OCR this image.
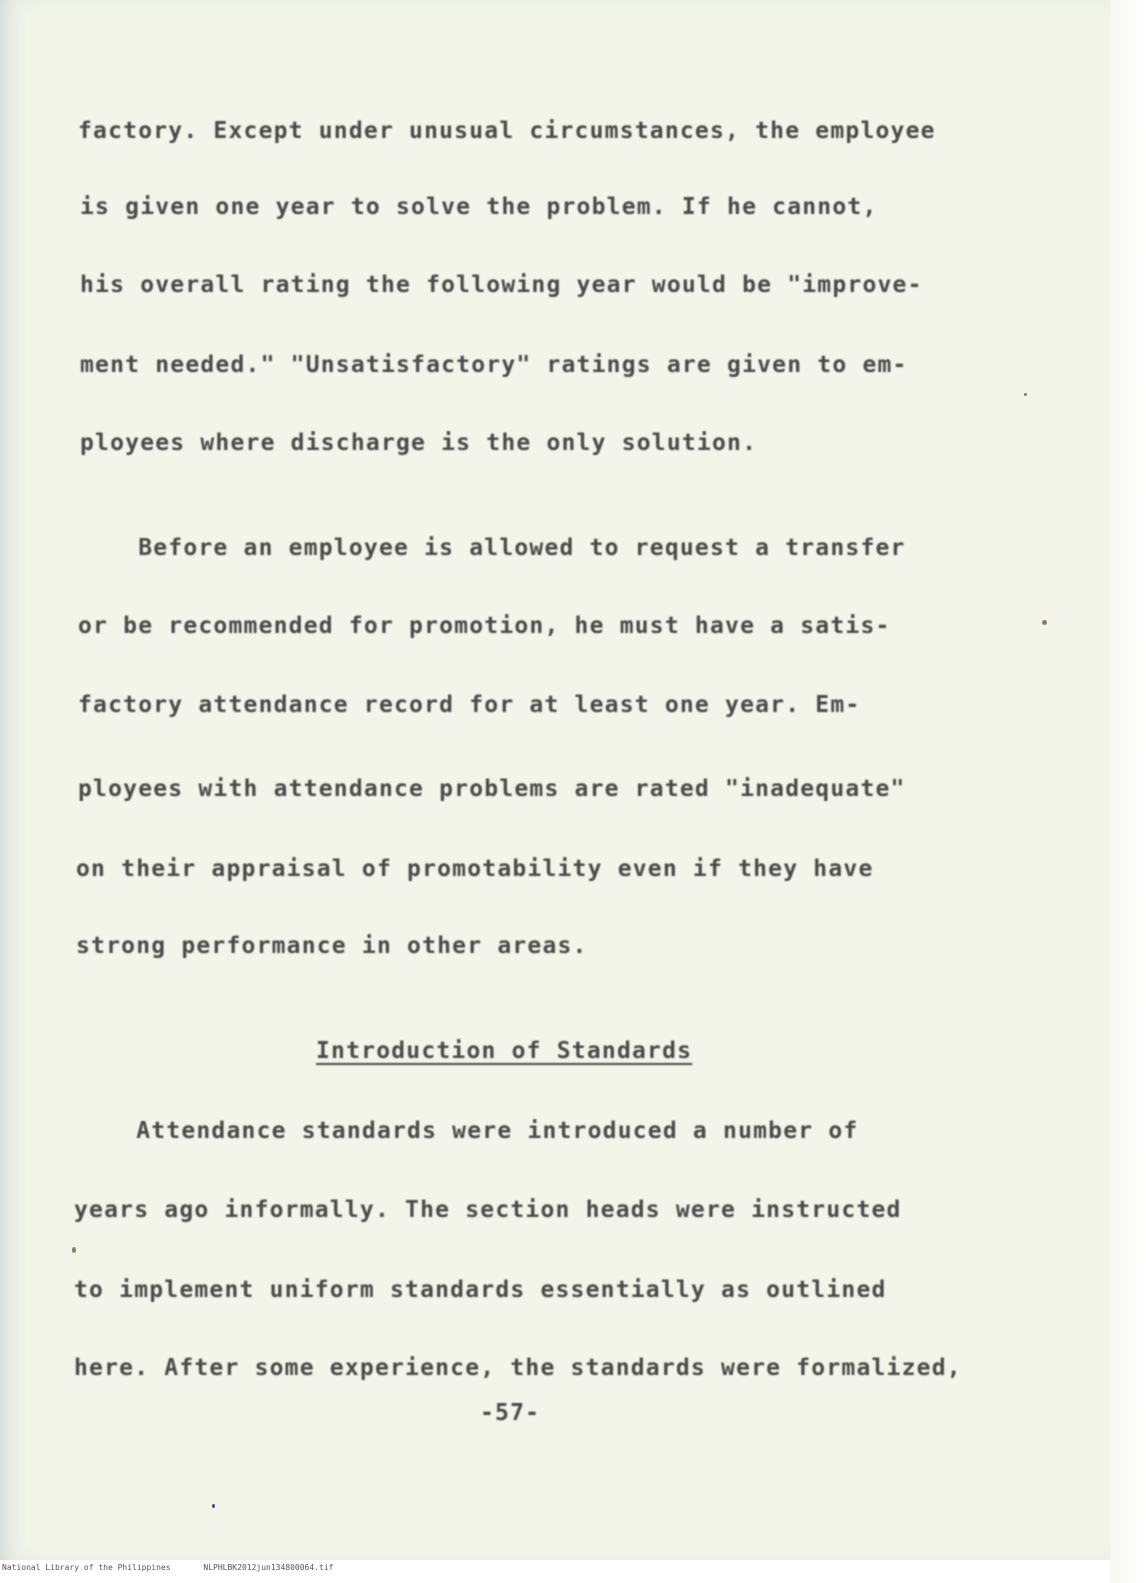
factory. Except under unusual circumstances, the employee
is given one year to solve the problem. If he cannot,
his overall rating the following year would be "improve-
ment needed." "Unsatisfactory" ratings are given to em-
ployees where discharge is the only solution.
Before an employee is allowed to request a transfer
or be recommended for promotion, he must have a satis-
factory attendance record for at least one year. Em-
ployees with attendance problems are rated "inadequate"
on their appraisal of promotability even if they have
strong performance in other areas.
Introduction of Standards
Attendance standards were introduced a number of
years ago informally. The section heads were instructed
to implement uniform standards essentially as outlined
here. After some experience, the standards were formalized,
-57-
National Library of the Philippines	NLPHLBK2012jun134800064.tif
